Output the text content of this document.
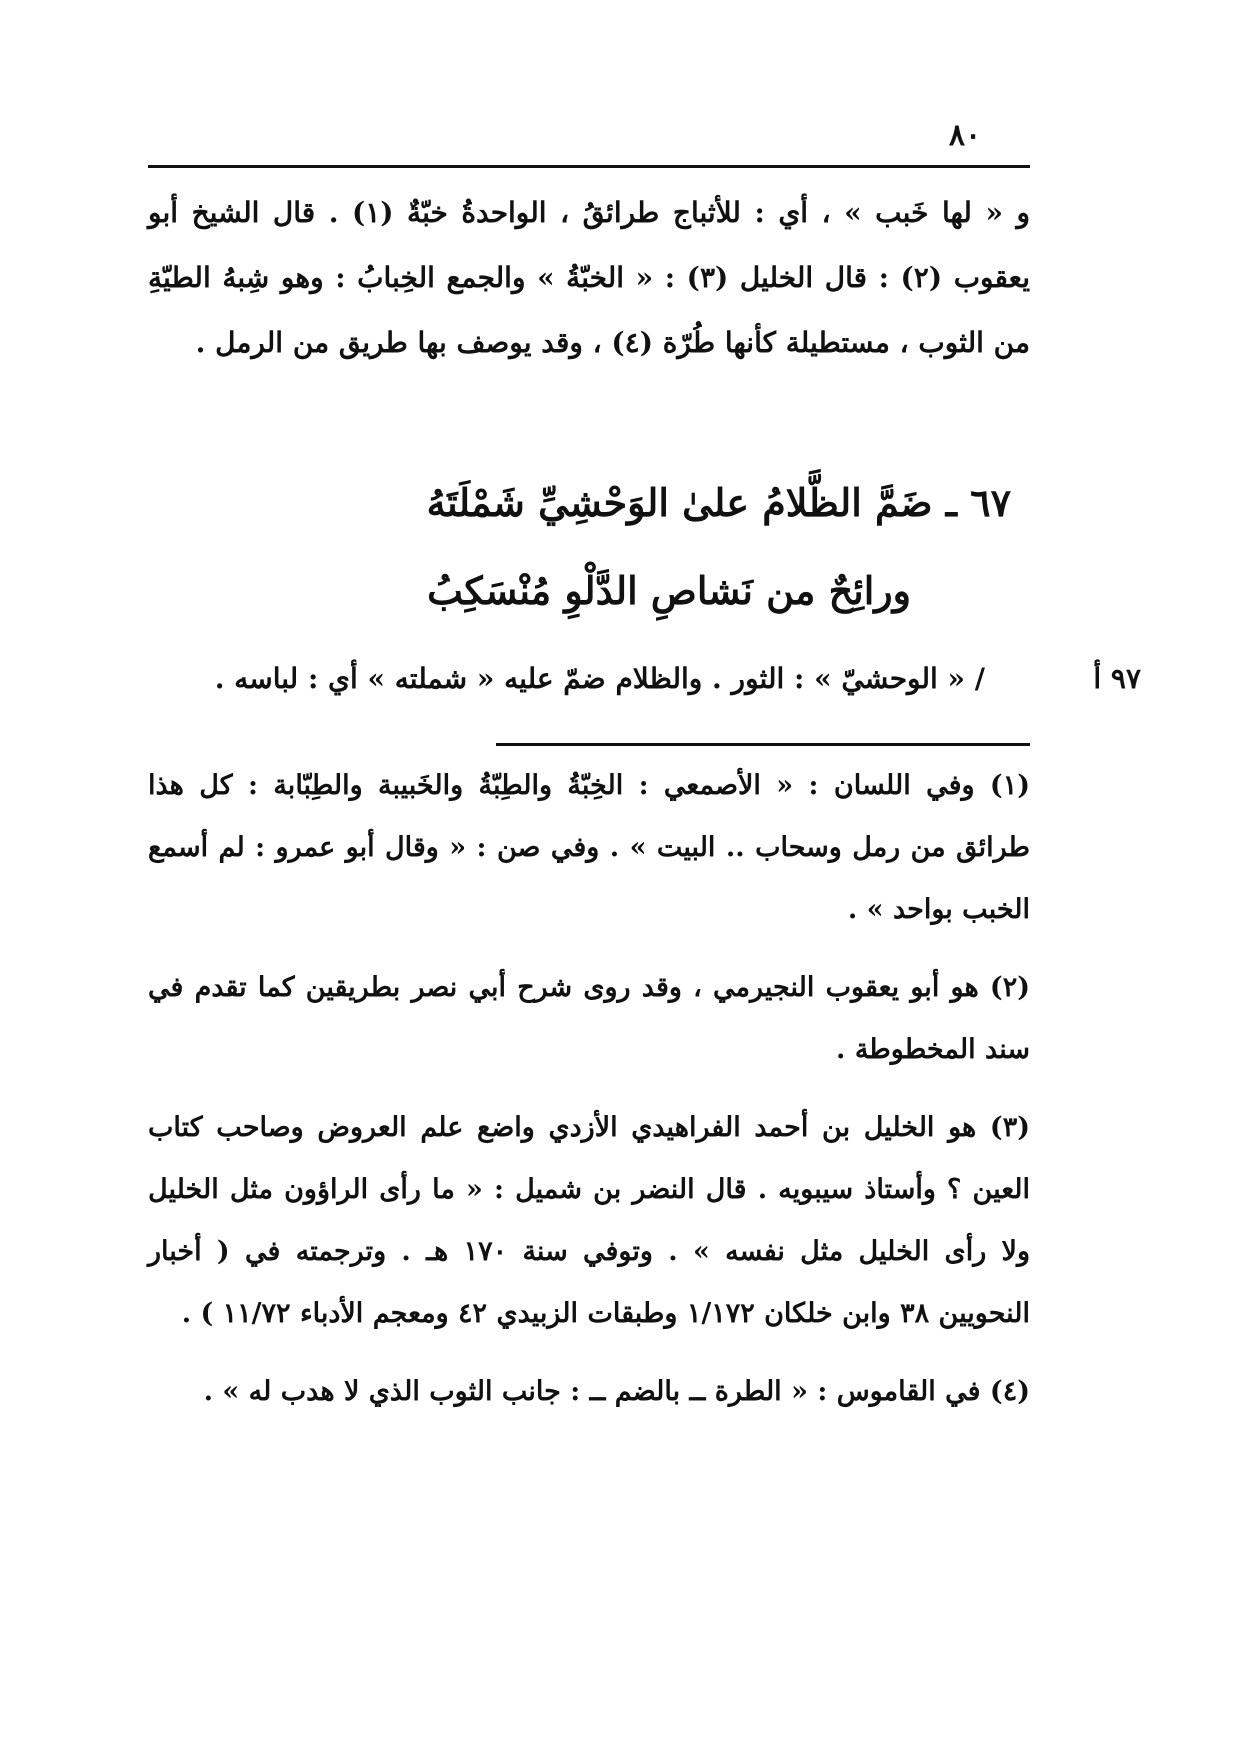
٨٠

و « لها خَبب » ، أي : للأثباج طرائقُ ، الواحدةُ خبّةٌ (١) . قال الشيخ أبو يعقوب (٢) : قال الخليل (٣) : « الخبّةُ » والجمع الخِبابُ : وهو شِبهُ الطيّةِ من الثوب ، مستطيلة كأنها طُرّة (٤) ، وقد يوصف بها طريق من الرمل .

٦٧ ـ ضَمَّ الظَّلامُ علىٰ الوَحْشِيِّ شَمْلَتَهُ
ورائِحٌ من نَشاصِ الدَّلْوِ مُنْسَكِبُ
/ « الوحشيّ » : الثور . والظلام ضمّ عليه « شملته » أي : لباسه .	٩٧ أ

(١) وفي اللسان : « الأصمعي : الخِبّةُ والطِبّةُ والخَبيبة والطِبّابة : كل هذا طرائق من رمل وسحاب .. البيت » . وفي صن : « وقال أبو عمرو : لم أسمع الخبب بواحد » .

(٢) هو أبو يعقوب النجيرمي ، وقد روى شرح أبي نصر بطريقين كما تقدم في سند المخطوطة .

(٣) هو الخليل بن أحمد الفراهيدي الأزدي واضع علم العروض وصاحب كتاب العين ؟ وأستاذ سيبويه . قال النضر بن شميل : « ما رأى الراؤون مثل الخليل ولا رأى الخليل مثل نفسه » . وتوفي سنة ١٧٠ هـ . وترجمته في ( أخبار النحويين ٣٨ وابن خلكان ١/١٧٢ وطبقات الزبيدي ٤٢ ومعجم الأدباء ١١/٧٢ ) .

(٤) في القاموس : « الطرة ــ بالضم ــ : جانب الثوب الذي لا هدب له » .
